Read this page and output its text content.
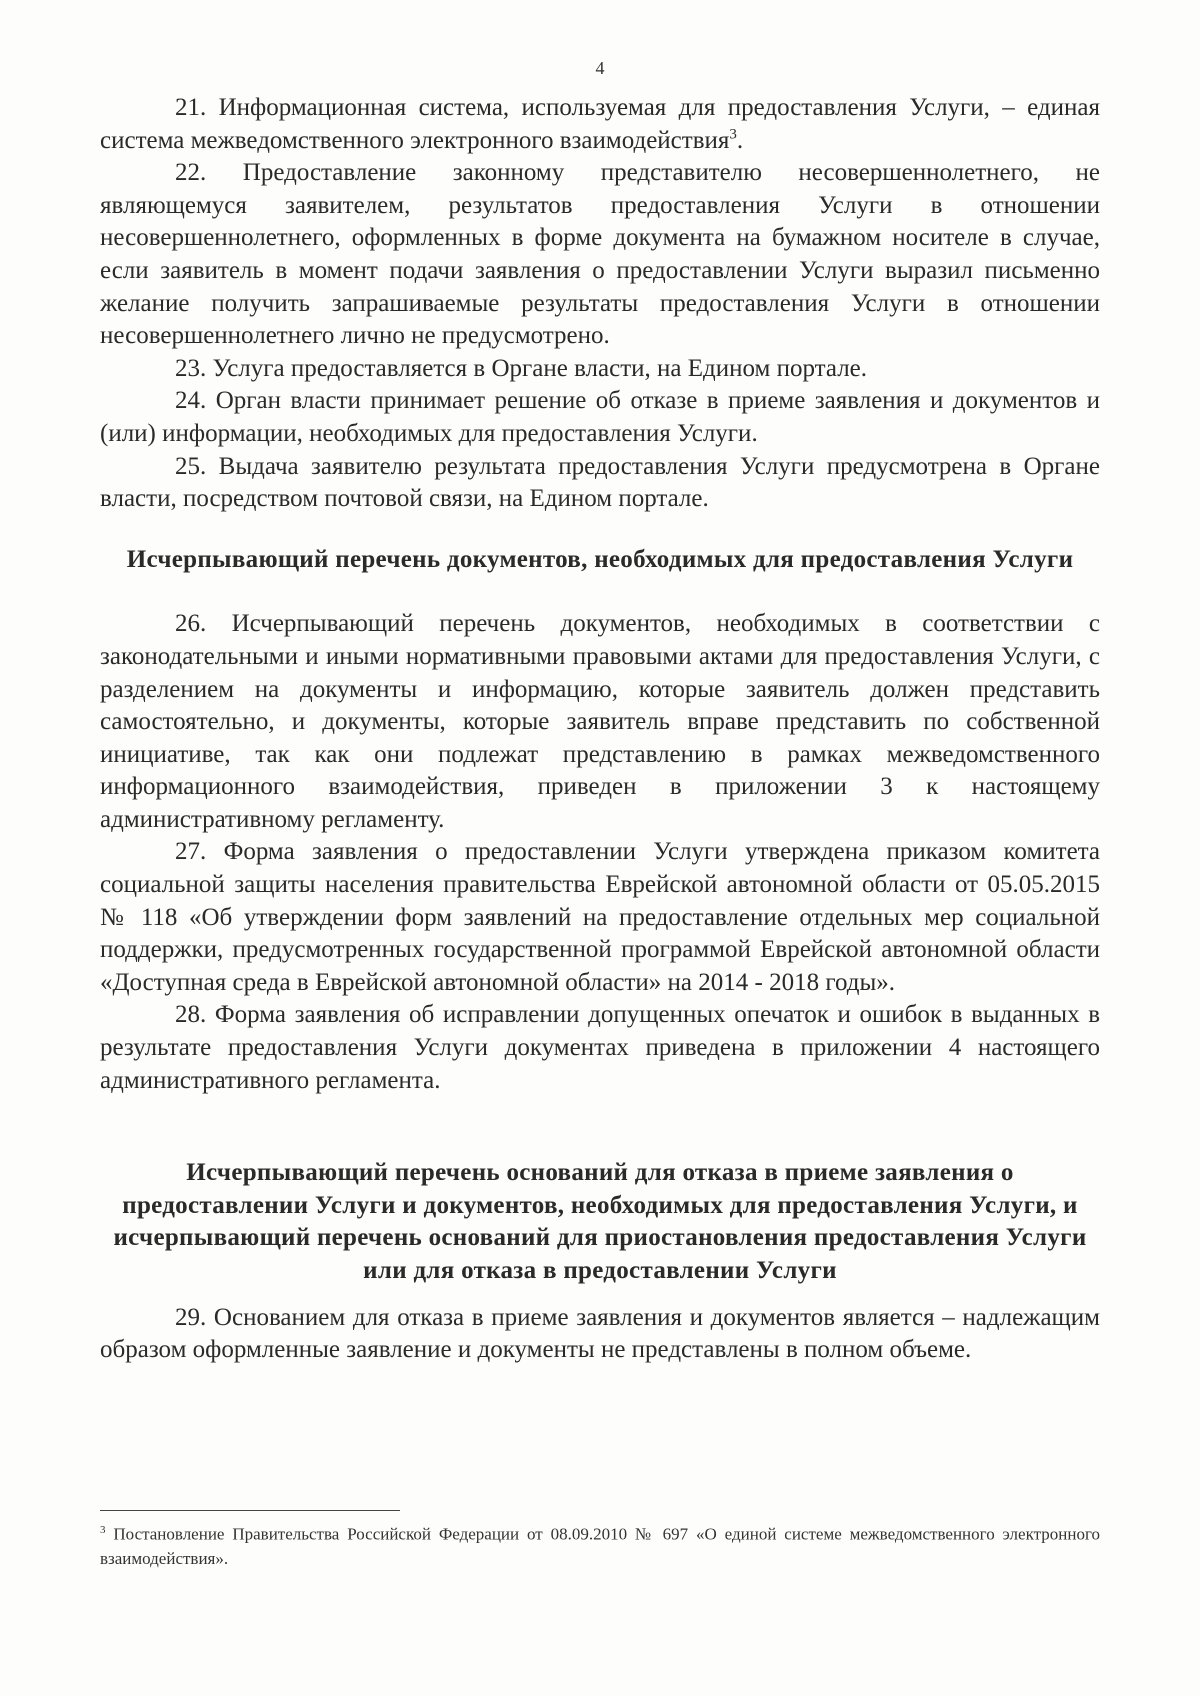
4

21. Информационная система, используемая для предоставления Услуги, – единая система межведомственного электронного взаимодействия$^3$.

22. Предоставление законному представителю несовершеннолетнего, не являющемуся заявителем, результатов предоставления Услуги в отношении несовершеннолетнего, оформленных в форме документа на бумажном носителе в случае, если заявитель в момент подачи заявления о предоставлении Услуги выразил письменно желание получить запрашиваемые результаты предоставления Услуги в отношении несовершеннолетнего лично не предусмотрено.

23. Услуга предоставляется в Органе власти, на Едином портале.

24. Орган власти принимает решение об отказе в приеме заявления и документов и (или) информации, необходимых для предоставления Услуги.

25. Выдача заявителю результата предоставления Услуги предусмотрена в Органе власти, посредством почтовой связи, на Едином портале.

Исчерпывающий перечень документов, необходимых для предоставления Услуги

26. Исчерпывающий перечень документов, необходимых в соответствии с законодательными и иными нормативными правовыми актами для предоставления Услуги, с разделением на документы и информацию, которые заявитель должен представить самостоятельно, и документы, которые заявитель вправе представить по собственной инициативе, так как они подлежат представлению в рамках межведомственного информационного взаимодействия, приведен в приложении 3 к настоящему административному регламенту.

27. Форма заявления о предоставлении Услуги утверждена приказом комитета социальной защиты населения правительства Еврейской автономной области от 05.05.2015 № 118 «Об утверждении форм заявлений на предоставление отдельных мер социальной поддержки, предусмотренных государственной программой Еврейской автономной области «Доступная среда в Еврейской автономной области» на 2014 - 2018 годы».

28. Форма заявления об исправлении допущенных опечаток и ошибок в выданных в результате предоставления Услуги документах приведена в приложении 4 настоящего административного регламента.

Исчерпывающий перечень оснований для отказа в приеме заявления о предоставлении Услуги и документов, необходимых для предоставления Услуги, и исчерпывающий перечень оснований для приостановления предоставления Услуги или для отказа в предоставлении Услуги

29. Основанием для отказа в приеме заявления и документов является – надлежащим образом оформленные заявление и документы не представлены в полном объеме.

$^3$ Постановление Правительства Российской Федерации от 08.09.2010 № 697 «О единой системе межведомственного электронного взаимодействия».
